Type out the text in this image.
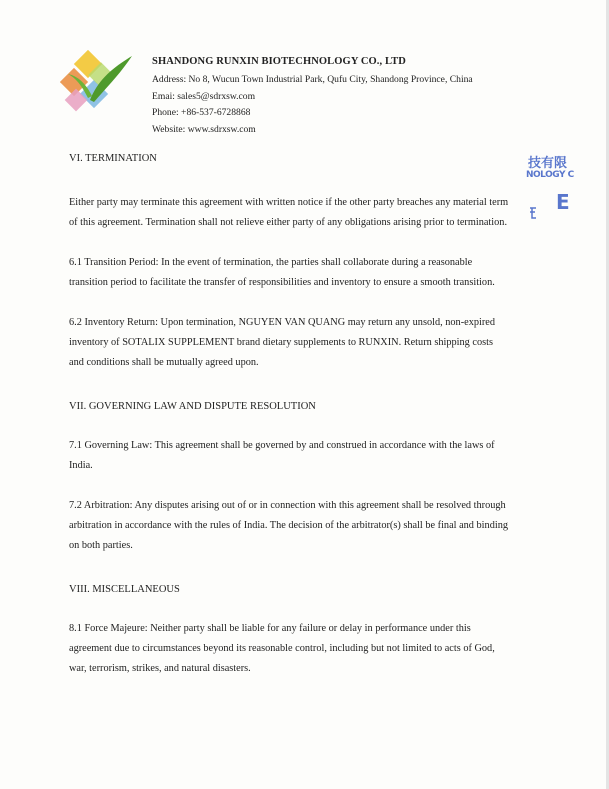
SHANDONG RUNXIN BIOTECHNOLOGY CO., LTD
Address: No 8, Wucun Town Industrial Park, Qufu City, Shandong Province, China
Emai: sales5@sdrxsw.com
Phone: +86-537-6728868
Website: www.sdrxsw.com
技有限
NOLOGY C
E
VI. TERMINATION

Either party may terminate this agreement with written notice if the other party breaches any material term of this agreement. Termination shall not relieve either party of any obligations arising prior to termination.

6.1 Transition Period: In the event of termination, the parties shall collaborate during a reasonable transition period to facilitate the transfer of responsibilities and inventory to ensure a smooth transition.

6.2 Inventory Return: Upon termination, NGUYEN VAN QUANG may return any unsold, non-expired inventory of SOTALIX SUPPLEMENT brand dietary supplements to RUNXIN. Return shipping costs and conditions shall be mutually agreed upon.

VII. GOVERNING LAW AND DISPUTE RESOLUTION

7.1 Governing Law: This agreement shall be governed by and construed in accordance with the laws of India.

7.2 Arbitration: Any disputes arising out of or in connection with this agreement shall be resolved through arbitration in accordance with the rules of India. The decision of the arbitrator(s) shall be final and binding on both parties.

VIII. MISCELLANEOUS

8.1 Force Majeure: Neither party shall be liable for any failure or delay in performance under this agreement due to circumstances beyond its reasonable control, including but not limited to acts of God, war, terrorism, strikes, and natural disasters.
